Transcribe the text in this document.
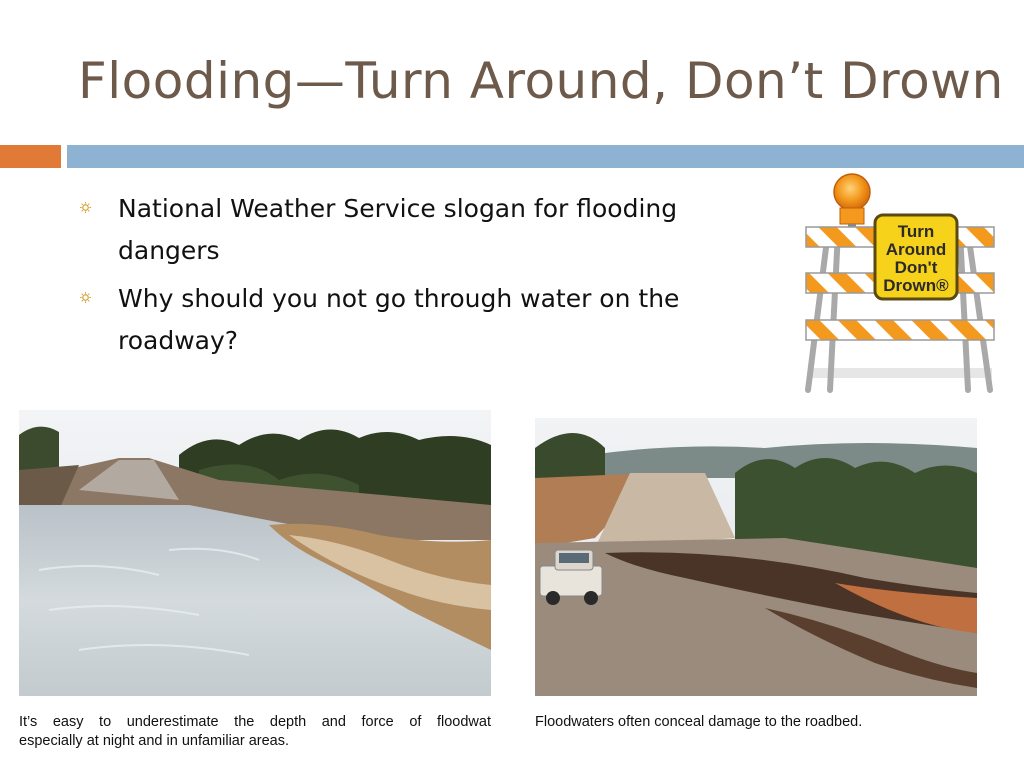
Flooding—Turn Around, Don’t Drown
National Weather Service slogan for flooding dangers
Why should you not go through water on the roadway?
Turn
Around
Don't
Drown®
It’s easy to underestimate the depth and force of floodwat
especially at night and in unfamiliar areas.
Floodwaters often conceal damage to the roadbed.
